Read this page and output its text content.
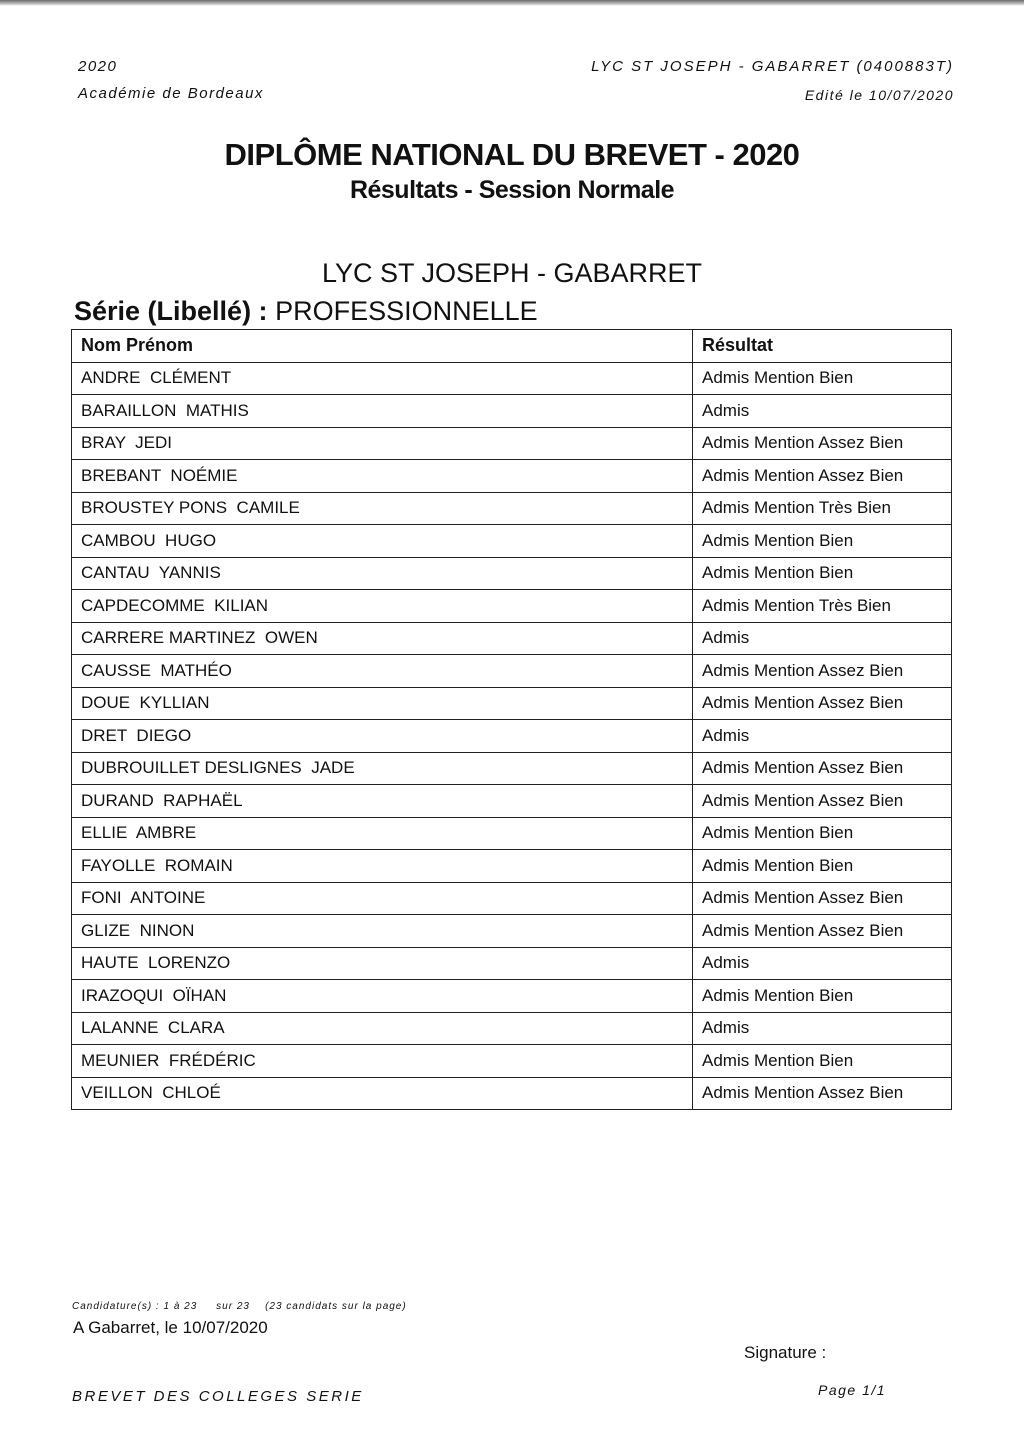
2020
Académie de Bordeaux
LYC ST JOSEPH - GABARRET (0400883T)
Edité le 10/07/2020
DIPLÔME NATIONAL DU BREVET - 2020
Résultats - Session Normale
LYC ST JOSEPH - GABARRET
Série (Libellé) : PROFESSIONNELLE
Nom Prénom	Résultat
ANDRE  CLÉMENT	Admis Mention Bien
BARAILLON  MATHIS	Admis
BRAY  JEDI	Admis Mention Assez Bien
BREBANT  NOÉMIE	Admis Mention Assez Bien
BROUSTEY PONS  CAMILE	Admis Mention Très Bien
CAMBOU  HUGO	Admis Mention Bien
CANTAU  YANNIS	Admis Mention Bien
CAPDECOMME  KILIAN	Admis Mention Très Bien
CARRERE MARTINEZ  OWEN	Admis
CAUSSE  MATHÉO	Admis Mention Assez Bien
DOUE  KYLLIAN	Admis Mention Assez Bien
DRET  DIEGO	Admis
DUBROUILLET DESLIGNES  JADE	Admis Mention Assez Bien
DURAND  RAPHAËL	Admis Mention Assez Bien
ELLIE  AMBRE	Admis Mention Bien
FAYOLLE  ROMAIN	Admis Mention Bien
FONI  ANTOINE	Admis Mention Assez Bien
GLIZE  NINON	Admis Mention Assez Bien
HAUTE  LORENZO	Admis
IRAZOQUI  OÏHAN	Admis Mention Bien
LALANNE  CLARA	Admis
MEUNIER  FRÉDÉRIC	Admis Mention Bien
VEILLON  CHLOÉ	Admis Mention Assez Bien
Candidature(s) : 1 à 23     sur 23    (23 candidats sur la page)
A Gabarret, le 10/07/2020
Signature :
BREVET DES COLLEGES SERIE	Page 1/1
